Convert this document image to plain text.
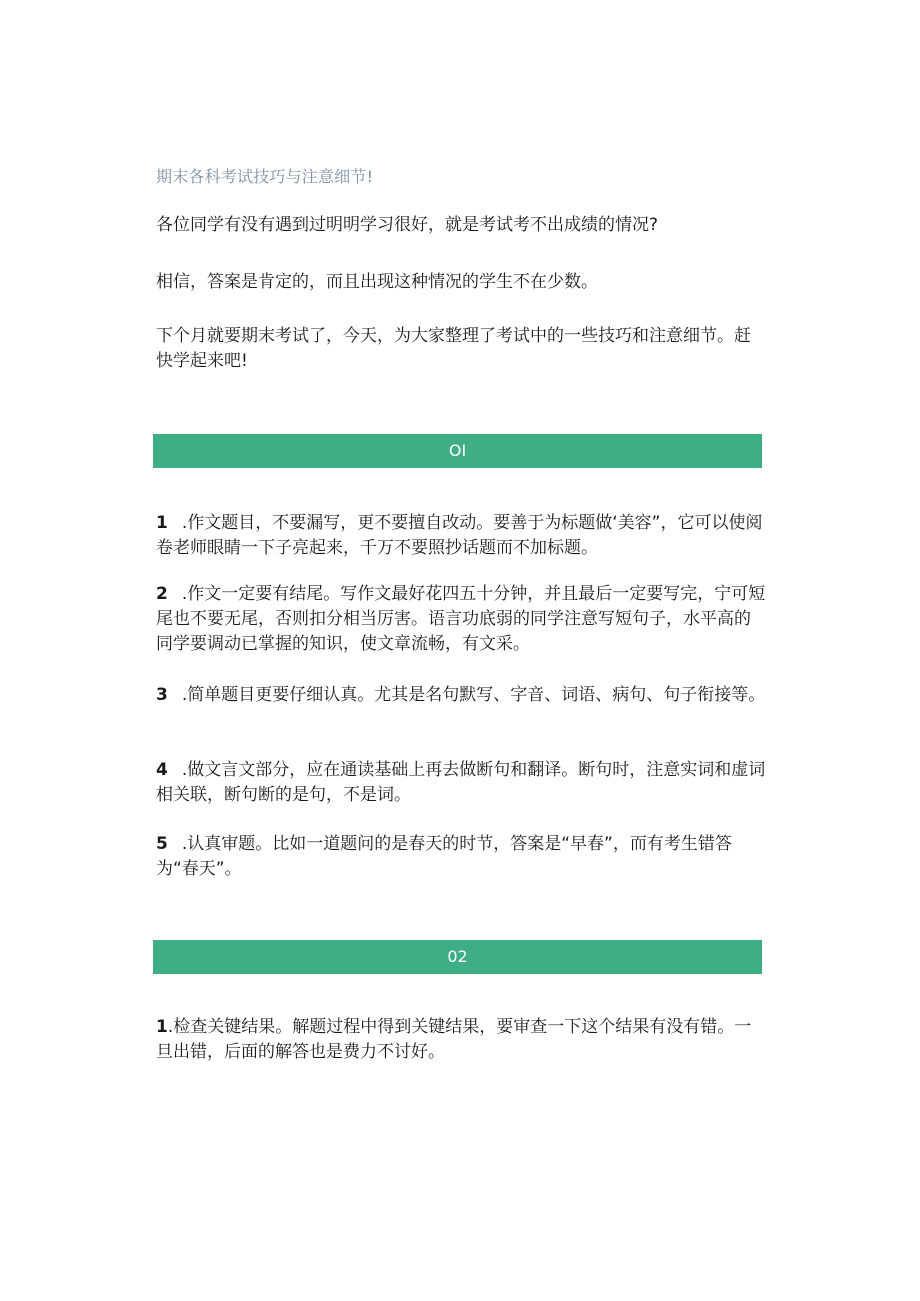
期末各科考试技巧与注意细节!

各位同学有没有遇到过明明学习很好，就是考试考不出成绩的情况?

相信，答案是肯定的，而且出现这种情况的学生不在少数。

下个月就要期末考试了，今天，为大家整理了考试中的一些技巧和注意细节。赶快学起来吧!

OI

1 .作文题目，不要漏写，更不要擅自改动。要善于为标题做‘美容”，它可以使阅卷老师眼睛一下子亮起来，千万不要照抄话题而不加标题。

2 .作文一定要有结尾。写作文最好花四五十分钟，并且最后一定要写完，宁可短尾也不要无尾，否则扣分相当厉害。语言功底弱的同学注意写短句子，水平高的同学要调动已掌握的知识，使文章流畅，有文采。

3 .简单题目更要仔细认真。尤其是名句默写、字音、词语、病句、句子衔接等。

4 .做文言文部分，应在通读基础上再去做断句和翻译。断句时，注意实词和虚词相关联，断句断的是句，不是词。

5 .认真审题。比如一道题问的是春天的时节，答案是“早春”，而有考生错答为“春天”。

02

1.检查关键结果。解题过程中得到关键结果，要审查一下这个结果有没有错。一旦出错，后面的解答也是费力不讨好。
